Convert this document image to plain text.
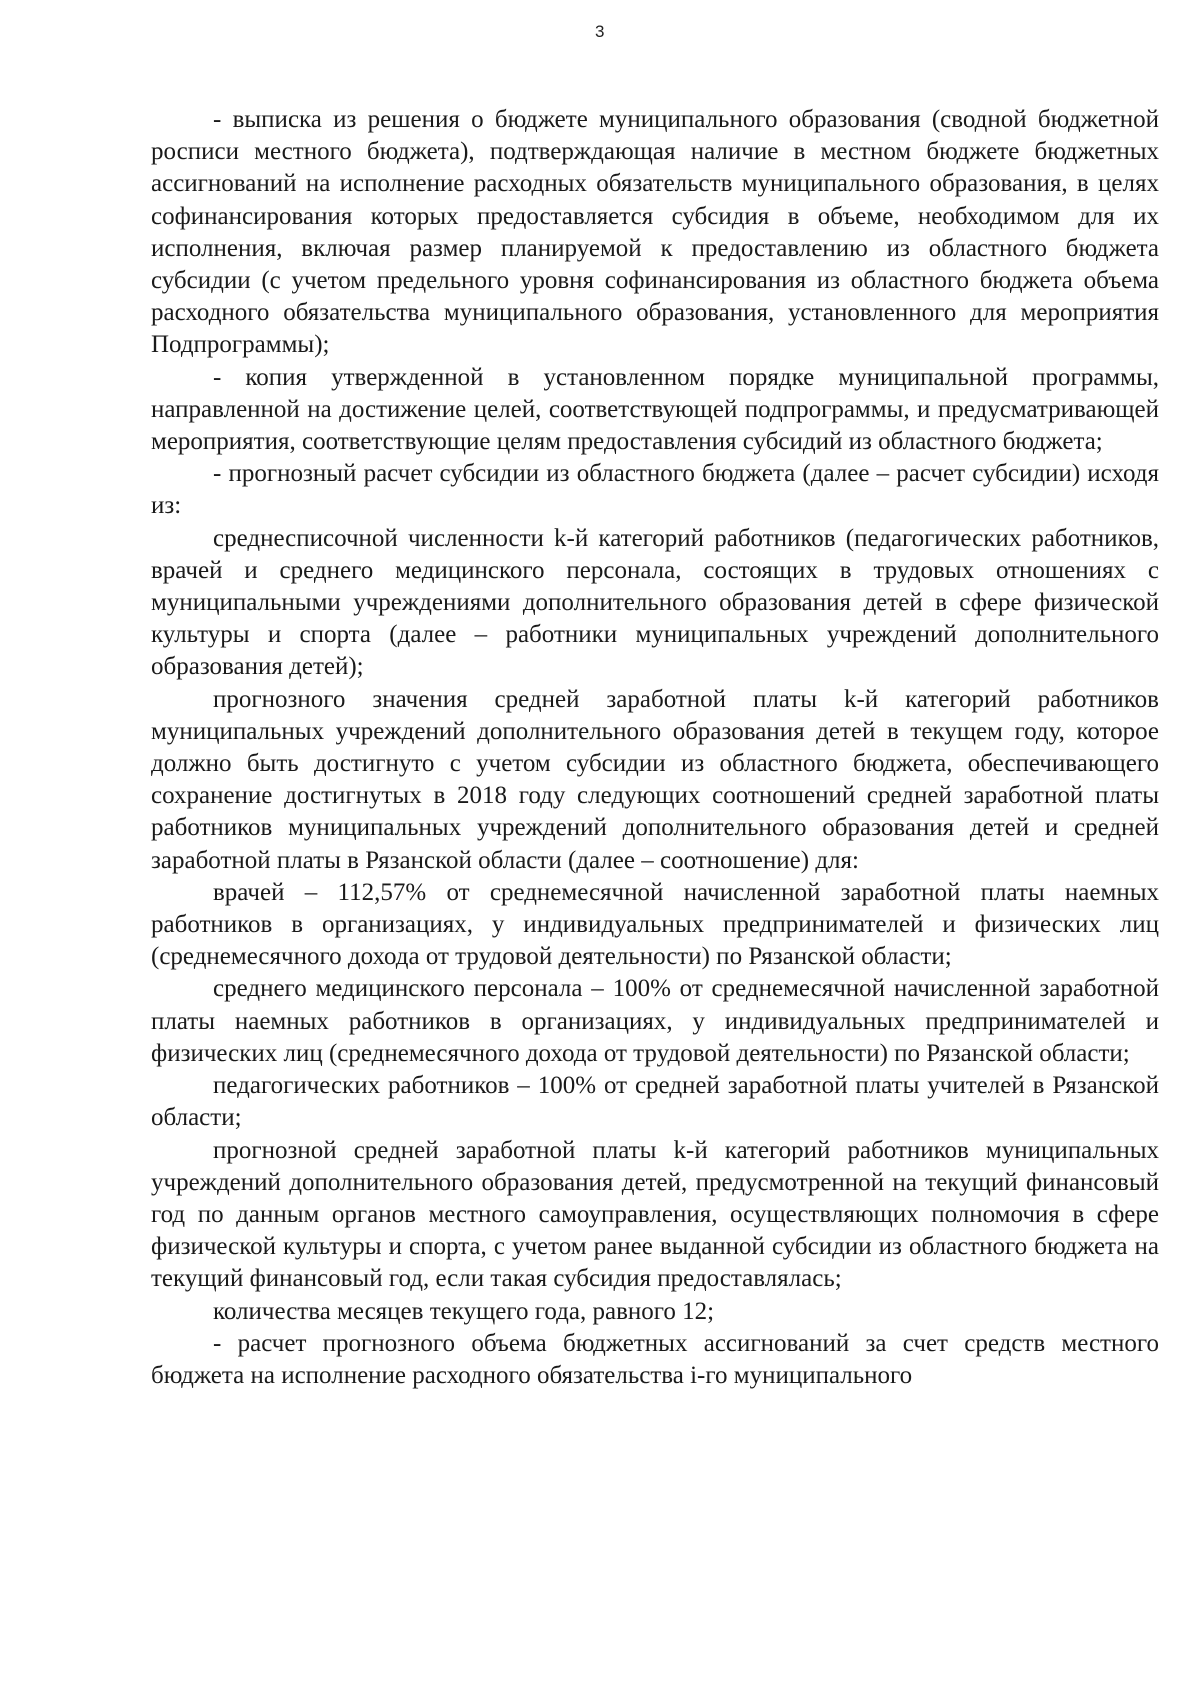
3

- выписка из решения о бюджете муниципального образования (сводной бюджетной росписи местного бюджета), подтверждающая наличие в местном бюджете бюджетных ассигнований на исполнение расходных обязательств муниципального образования, в целях софинансирования которых предоставляется субсидия в объеме, необходимом для их исполнения, включая размер планируемой к предоставлению из областного бюджета субсидии (с учетом предельного уровня софинансирования из областного бюджета объема расходного обязательства муниципального образования, установленного для мероприятия Подпрограммы);

- копия утвержденной в установленном порядке муниципальной программы, направленной на достижение целей, соответствующей подпрограммы, и предусматривающей мероприятия, соответствующие целям предоставления субсидий из областного бюджета;

- прогнозный расчет субсидии из областного бюджета (далее – расчет субсидии) исходя из:

среднесписочной численности k-й категорий работников (педагогических работников, врачей и среднего медицинского персонала, состоящих в трудовых отношениях с муниципальными учреждениями дополнительного образования детей в сфере физической культуры и спорта (далее – работники муниципальных учреждений дополнительного образования детей);

прогнозного значения средней заработной платы k-й категорий работников муниципальных учреждений дополнительного образования детей в текущем году, которое должно быть достигнуто с учетом субсидии из областного бюджета, обеспечивающего сохранение достигнутых в 2018 году следующих соотношений средней заработной платы работников муниципальных учреждений дополнительного образования детей и средней заработной платы в Рязанской области (далее – соотношение) для:

врачей – 112,57% от среднемесячной начисленной заработной платы наемных работников в организациях, у индивидуальных предпринимателей и физических лиц (среднемесячного дохода от трудовой деятельности) по Рязанской области;

среднего медицинского персонала – 100% от среднемесячной начисленной заработной платы наемных работников в организациях, у индивидуальных предпринимателей и физических лиц (среднемесячного дохода от трудовой деятельности) по Рязанской области;

педагогических работников – 100% от средней заработной платы учителей в Рязанской области;

прогнозной средней заработной платы k-й категорий работников муниципальных учреждений дополнительного образования детей, предусмотренной на текущий финансовый год по данным органов местного самоуправления, осуществляющих полномочия в сфере физической культуры и спорта, с учетом ранее выданной субсидии из областного бюджета на текущий финансовый год, если такая субсидия предоставлялась;

количества месяцев текущего года, равного 12;

- расчет прогнозного объема бюджетных ассигнований за счет средств местного бюджета на исполнение расходного обязательства i-го муниципального
